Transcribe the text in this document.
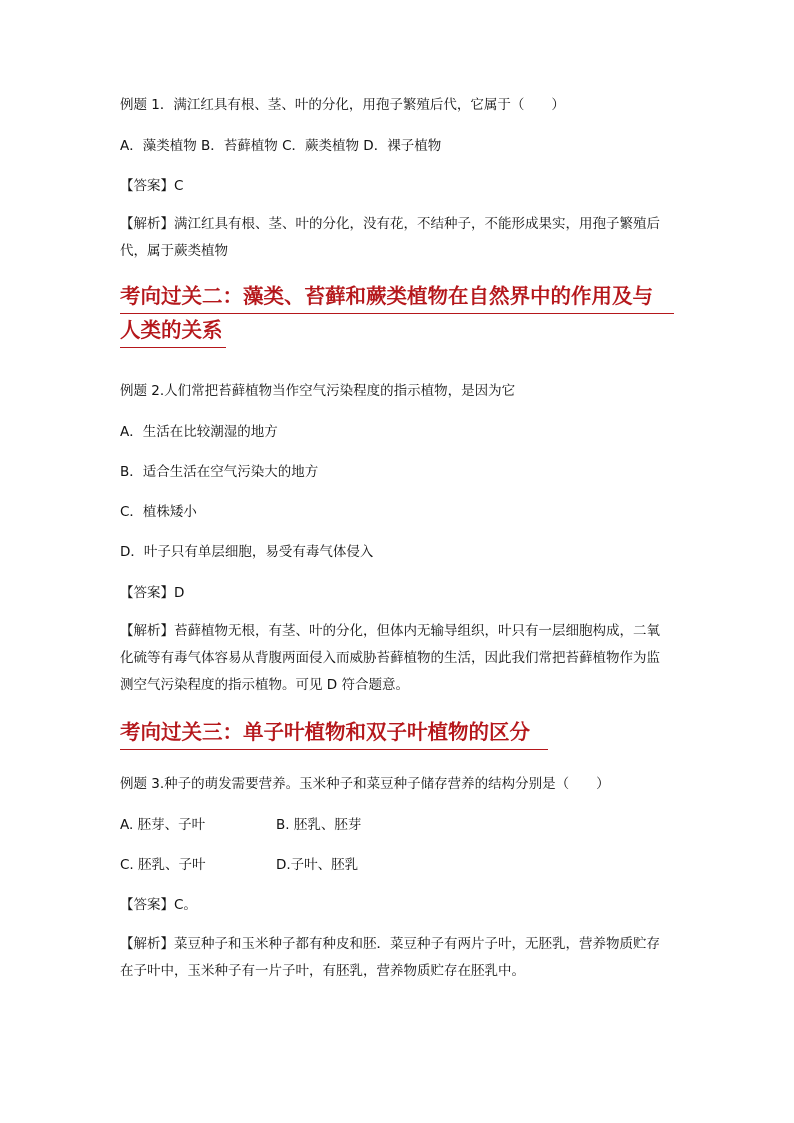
例题 1．满江红具有根、茎、叶的分化，用孢子繁殖后代，它属于（　　）
A．藻类植物 B．苔藓植物 C．蕨类植物 D．裸子植物
【答案】C
【解析】满江红具有根、茎、叶的分化，没有花，不结种子，不能形成果实，用孢子繁殖后
代，属于蕨类植物
考向过关二：藻类、苔藓和蕨类植物在自然界中的作用及与
人类的关系
例题 2.人们常把苔藓植物当作空气污染程度的指示植物，是因为它
A．生活在比较潮湿的地方
B．适合生活在空气污染大的地方
C．植株矮小
D．叶子只有单层细胞，易受有毒气体侵入
【答案】D
【解析】苔藓植物无根，有茎、叶的分化，但体内无输导组织，叶只有一层细胞构成，二氧
化硫等有毒气体容易从背腹两面侵入而威胁苔藓植物的生活，因此我们常把苔藓植物作为监
测空气污染程度的指示植物。可见 D 符合题意。
考向过关三：单子叶植物和双子叶植物的区分
例题 3.种子的萌发需要营养。玉米种子和菜豆种子储存营养的结构分别是（　　）
A. 胚芽、子叶	B. 胚乳、胚芽
C. 胚乳、子叶	D.子叶、胚乳
【答案】C。
【解析】菜豆种子和玉米种子都有种皮和胚．菜豆种子有两片子叶，无胚乳，营养物质贮存
在子叶中，玉米种子有一片子叶，有胚乳，营养物质贮存在胚乳中。
